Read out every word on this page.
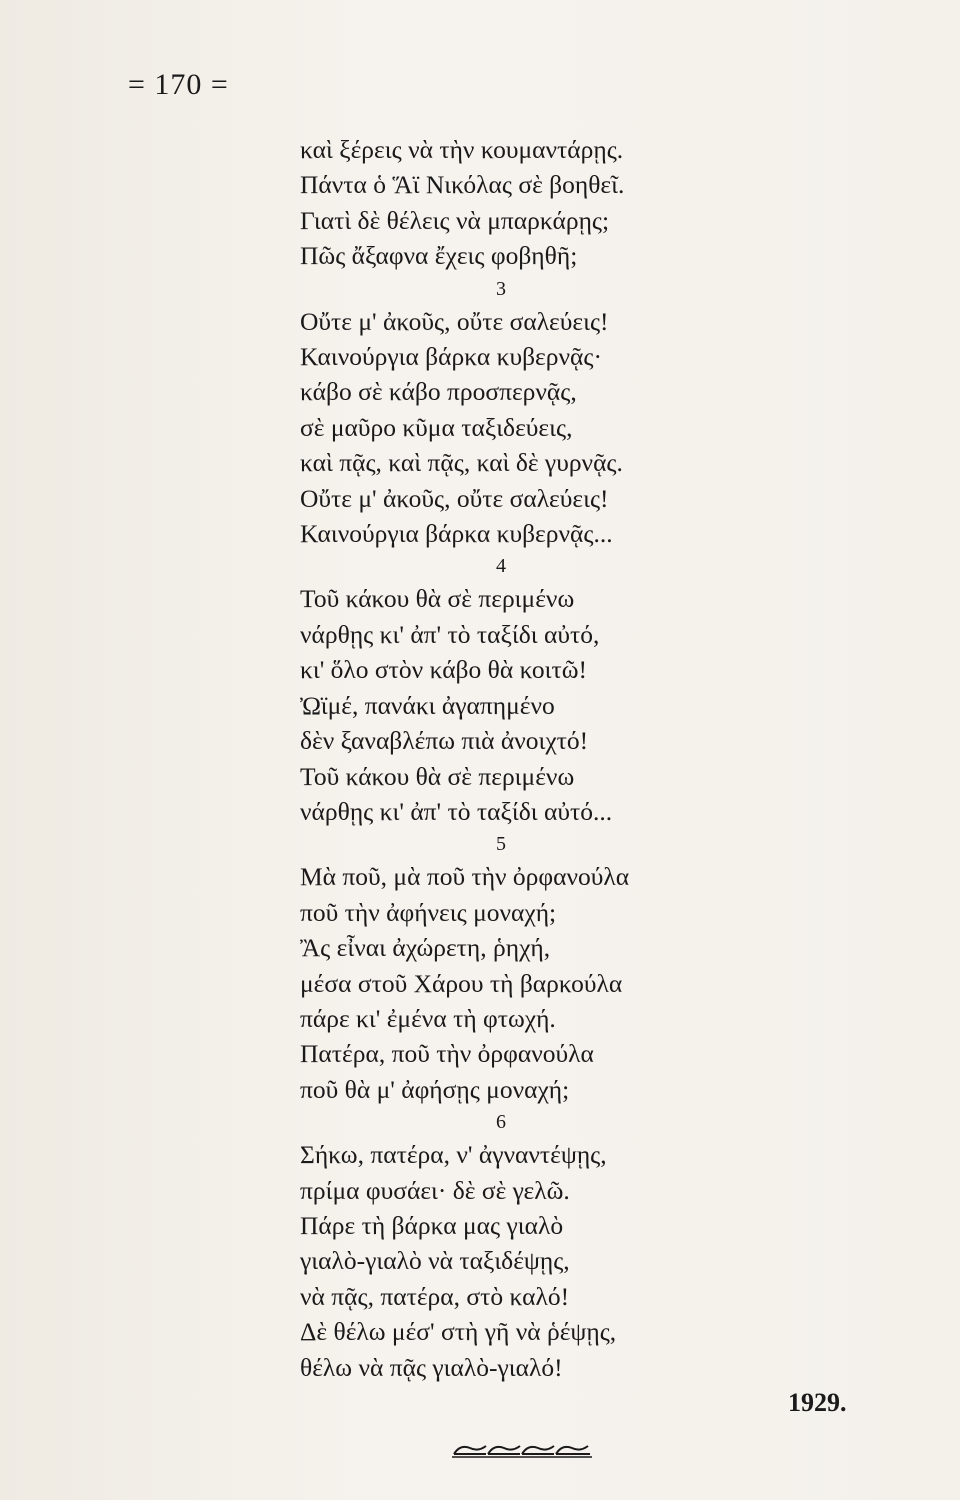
= 170 =
καὶ ξέρεις νὰ τὴν κουμαντάρῃς.
Πάντα ὁ Ἅϊ Νικόλας σὲ βοηθεῖ.
Γιατὶ δὲ θέλεις νὰ μπαρκάρῃς;
Πῶς ἄξαφνα ἔχεις φοβηθῆ;
3
Οὔτε μ' ἀκοῦς, οὔτε σαλεύεις!
Καινούργια βάρκα κυβερνᾷς·
κάβο σὲ κάβο προσπερνᾷς,
σὲ μαῦρο κῦμα ταξιδεύεις,
καὶ πᾷς, καὶ πᾷς, καὶ δὲ γυρνᾷς.
Οὔτε μ' ἀκοῦς, οὔτε σαλεύεις!
Καινούργια βάρκα κυβερνᾷς...
4
Τοῦ κάκου θὰ σὲ περιμένω
νάρθῃς κι' ἀπ' τὸ ταξίδι αὐτό,
κι' ὅλο στὸν κάβο θὰ κοιτῶ!
Ὠϊμέ, πανάκι ἀγαπημένο
δὲν ξαναβλέπω πιὰ ἀνοιχτό!
Τοῦ κάκου θὰ σὲ περιμένω
νάρθῃς κι' ἀπ' τὸ ταξίδι αὐτό...
5
Μὰ ποῦ, μὰ ποῦ τὴν ὀρφανούλα
ποῦ τὴν ἀφήνεις μοναχή;
Ἂς εἶναι ἀχώρετη, ῥηχή,
μέσα στοῦ Χάρου τὴ βαρκούλα
πάρε κι' ἐμένα τὴ φτωχή.
Πατέρα, ποῦ τὴν ὀρφανούλα
ποῦ θὰ μ' ἀφήσῃς μοναχή;
6
Σήκω, πατέρα, ν' ἀγναντέψῃς,
πρίμα φυσάει· δὲ σὲ γελῶ.
Πάρε τὴ βάρκα μας γιαλὸ
γιαλὸ-γιαλὸ νὰ ταξιδέψῃς,
νὰ πᾷς, πατέρα, στὸ καλό!
Δὲ θέλω μέσ' στὴ γῆ νὰ ῥέψῃς,
θέλω νὰ πᾷς γιαλὸ-γιαλό!
1929.
